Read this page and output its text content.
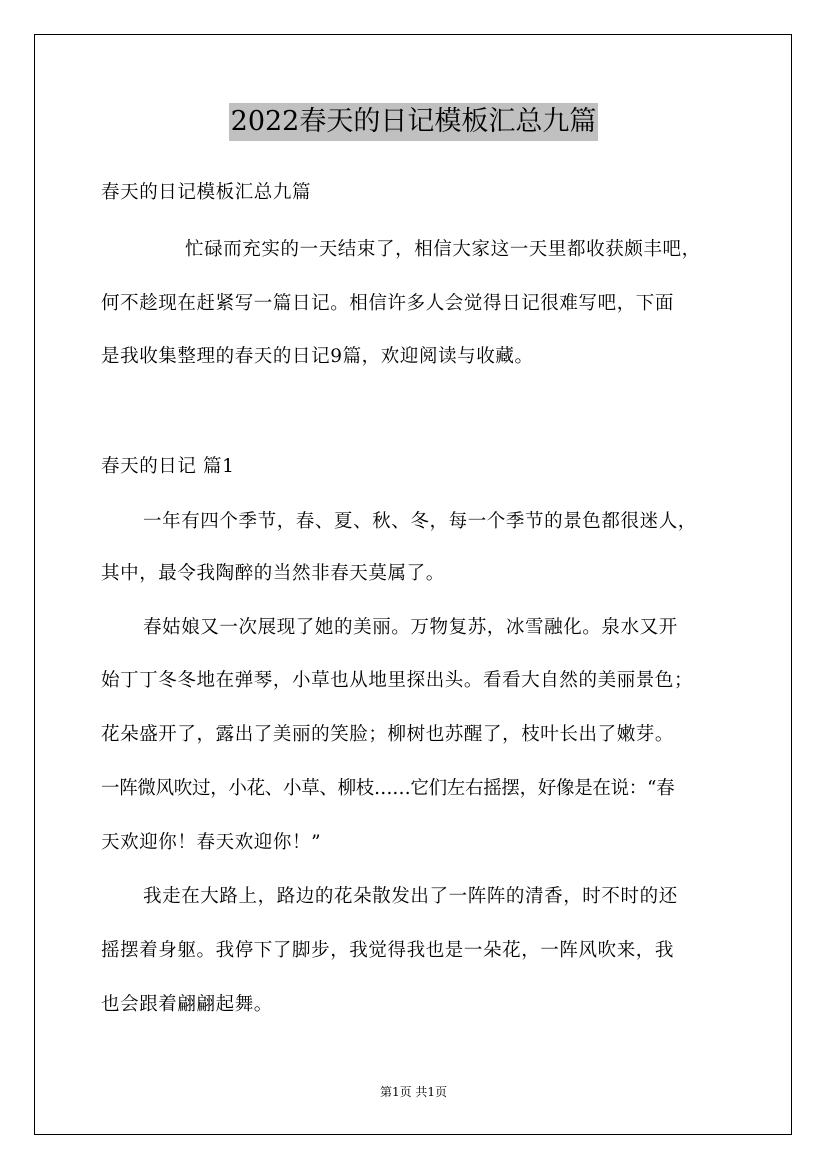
2022春天的日记模板汇总九篇
春天的日记模板汇总九篇
忙碌而充实的一天结束了，相信大家这一天里都收获颇丰吧，
何不趁现在赶紧写一篇日记。相信许多人会觉得日记很难写吧，下面
是我收集整理的春天的日记9篇，欢迎阅读与收藏。
春天的日记 篇1
一年有四个季节，春、夏、秋、冬，每一个季节的景色都很迷人，
其中，最令我陶醉的当然非春天莫属了。
春姑娘又一次展现了她的美丽。万物复苏，冰雪融化。泉水又开
始丁丁冬冬地在弹琴，小草也从地里探出头。看看大自然的美丽景色；
花朵盛开了，露出了美丽的笑脸；柳树也苏醒了，枝叶长出了嫩芽。
一阵微风吹过，小花、小草、柳枝……它们左右摇摆，好像是在说：“春
天欢迎你！春天欢迎你！”
我走在大路上，路边的花朵散发出了一阵阵的清香，时不时的还
摇摆着身躯。我停下了脚步，我觉得我也是一朵花，一阵风吹来，我
也会跟着翩翩起舞。
第1页 共1页
